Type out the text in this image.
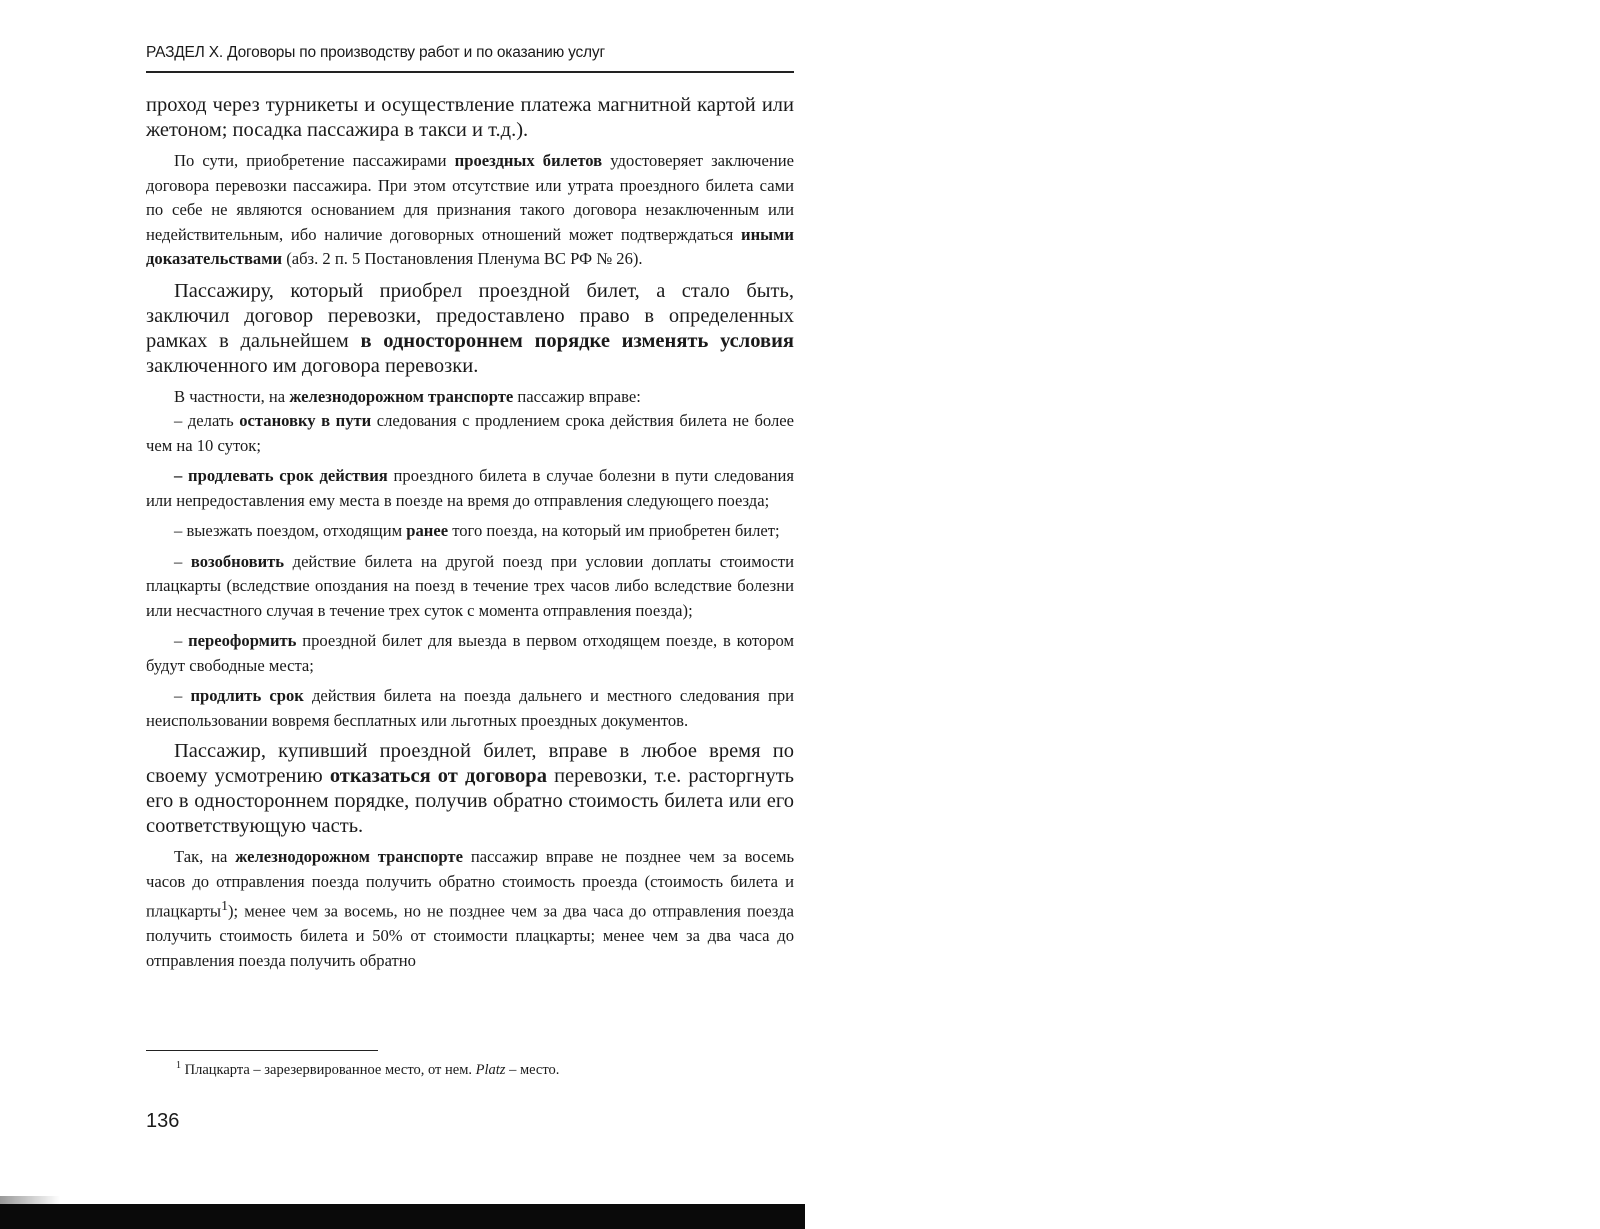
РАЗДЕЛ X. Договоры по производству работ и по оказанию услуг

проход через турникеты и осуществление платежа магнитной картой или жетоном; посадка пассажира в такси и т.д.).

По сути, приобретение пассажирами проездных билетов удостоверяет заключение договора перевозки пассажира. При этом отсутствие или утрата проездного билета сами по себе не являются основанием для признания такого договора незаключенным или недействительным, ибо наличие договорных отношений может подтверждаться иными доказательствами (абз. 2 п. 5 Постановления Пленума ВС РФ № 26).

Пассажиру, который приобрел проездной билет, а стало быть, заключил договор перевозки, предоставлено право в определенных рамках в дальнейшем в одностороннем порядке изменять условия заключенного им договора перевозки.

В частности, на железнодорожном транспорте пассажир вправе:

– делать остановку в пути следования с продлением срока действия билета не более чем на 10 суток;

– продлевать срок действия проездного билета в случае болезни в пути следования или непредоставления ему места в поезде на время до отправления следующего поезда;

– выезжать поездом, отходящим ранее того поезда, на который им приобретен билет;

– возобновить действие билета на другой поезд при условии доплаты стоимости плацкарты (вследствие опоздания на поезд в течение трех часов либо вследствие болезни или несчастного случая в течение трех суток с момента отправления поезда);

– переоформить проездной билет для выезда в первом отходящем поезде, в котором будут свободные места;

– продлить срок действия билета на поезда дальнего и местного следования при неиспользовании вовремя бесплатных или льготных проездных документов.

Пассажир, купивший проездной билет, вправе в любое время по своему усмотрению отказаться от договора перевозки, т.е. расторгнуть его в одностороннем порядке, получив обратно стоимость билета или его соответствующую часть.

Так, на железнодорожном транспорте пассажир вправе не позднее чем за восемь часов до отправления поезда получить обратно стоимость проезда (стоимость билета и плацкарты$^1$); менее чем за восемь, но не позднее чем за два часа до отправления поезда получить стоимость билета и 50% от стоимости плацкарты; менее чем за два часа до отправления поезда получить обратно

$^1$ Плацкарта – зарезервированное место, от нем. Platz – место.
136
